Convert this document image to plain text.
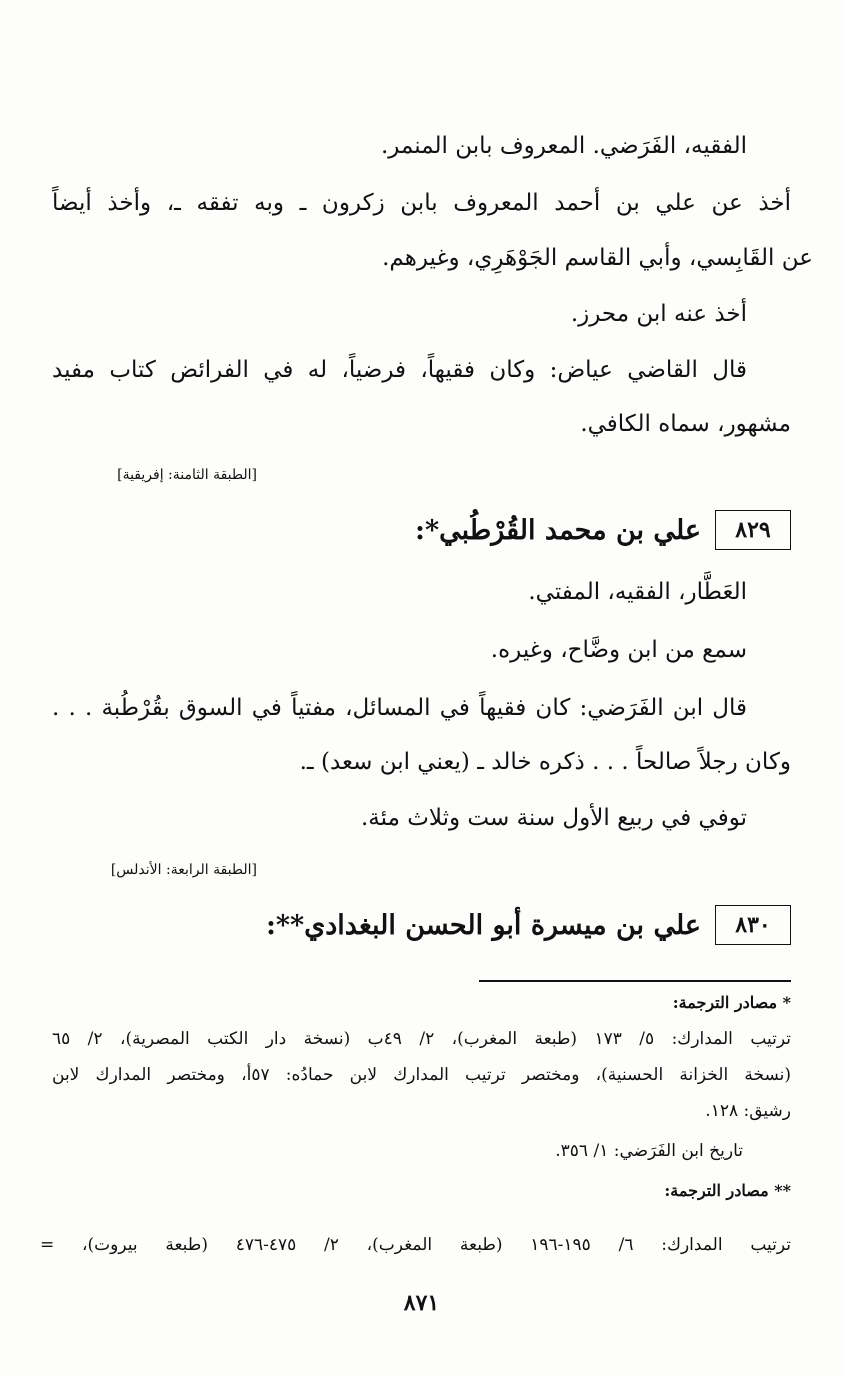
الفقيه، الفَرَضي. المعروف بابن المنمر.
أخذ عن علي بن أحمد المعروف بابن زكرون ـ وبه تفقه ـ، وأخذ أيضاً
عن القَابِسي، وأبي القاسم الجَوْهَرِي، وغيرهم.
أخذ عنه ابن محرز.
قال القاضي عياض: وكان فقيهاً، فرضياً، له في الفرائض كتاب مفيد
مشهور، سماه الكافي.
[الطبقة الثامنة: إفريقية]
٨٢٩
علي بن محمد القُرْطُبي*:
العَطَّار، الفقيه، المفتي.
سمع من ابن وضَّاح، وغيره.
قال ابن الفَرَضي: كان فقيهاً في المسائل، مفتياً في السوق بقُرْطُبة . . .
وكان رجلاً صالحاً . . . ذكره خالد ـ (يعني ابن سعد) ـ.
توفي في ربيع الأول سنة ست وثلاث مئة.
[الطبقة الرابعة: الأندلس]
٨٣٠
علي بن ميسرة أبو الحسن البغدادي**:
* مصادر الترجمة:
ترتيب المدارك: ٥/ ١٧٣ (طبعة المغرب)، ٢/ ٤٩ب (نسخة دار الكتب المصرية)، ٢/ ٦٥
(نسخة الخزانة الحسنية)، ومختصر ترتيب المدارك لابن حمادُه: ٥٧أ، ومختصر المدارك لابن
رشيق: ١٢٨.
تاريخ ابن الفَرَضي: ١/ ٣٥٦.
** مصادر الترجمة:
ترتيب المدارك: ٦/ ١٩٥-١٩٦ (طبعة المغرب)، ٢/ ٤٧٥-٤٧٦ (طبعة بيروت)، =
٨٧١
